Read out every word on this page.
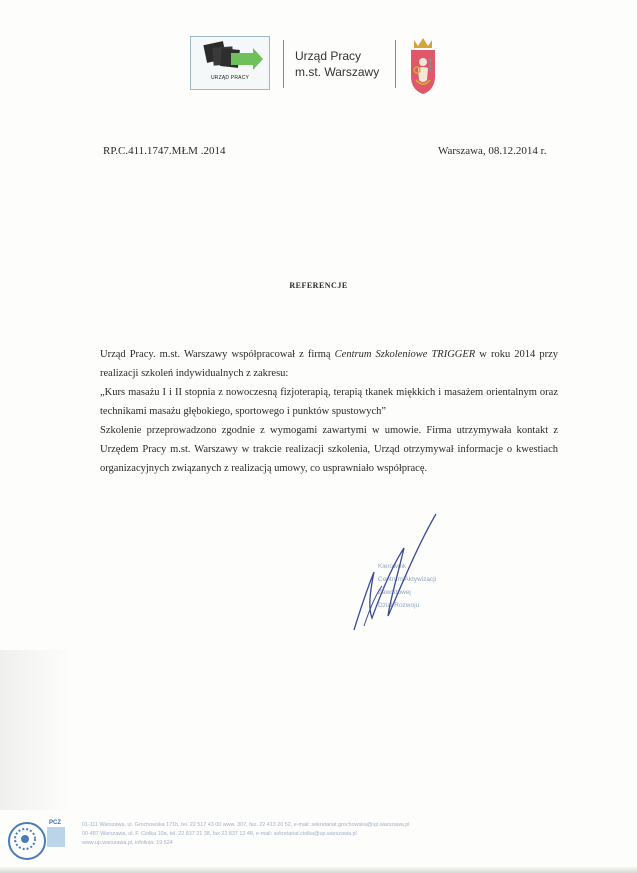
URZĄD PRACY
Urząd Pracy
m.st. Warszawy
RP.C.411.1747.MŁM .2014	Warszawa, 08.12.2014 r.
REFERENCJE

Urząd Pracy. m.st. Warszawy współpracował z firmą Centrum Szkoleniowe TRIGGER w roku 2014 przy realizacji szkoleń indywidualnych z zakresu:

„Kurs masażu I i II stopnia z nowoczesną fizjoterapią, terapią tkanek miękkich i masażem orientalnym oraz technikami masażu głębokiego, sportowego i punktów spustowych”

Szkolenie przeprowadzono zgodnie z wymogami zawartymi w umowie. Firma utrzymywała kontakt z Urzędem Pracy m.st. Warszawy w trakcie realizacji szkolenia, Urząd otrzymywał informacje o kwestiach organizacyjnych związanych z realizacją umowy, co usprawniało współpracę.

Kierownik
Centrum Aktywizacji Zawodowej
Dział Rozwoju
PCZ	01-111 Warszawa, ul. Grochowska 171b, tel. 22 517 43 00 www. 307, fax. 22 413 20 52, e-mail: sekretariat.grochowska@up.warszawa.pl
00-487 Warszawa, ul. F. Ciołka 10a, tel. 22 837 21 38, fax 22 837 12 48, e-mail: sekretariat.ciolka@up.warszawa.pl
www.up.warszawa.pl, infolinia: 19 524
